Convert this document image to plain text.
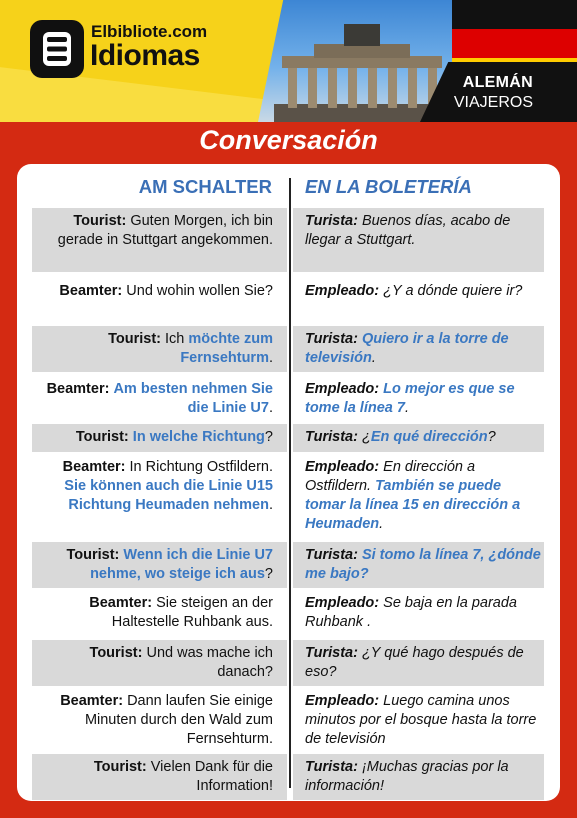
ALEMÁN
VIAJEROS
Elbibliote.com
Idiomas
Conversación
AM SCHALTER EN LA BOLETERÍA
Tourist: Guten Morgen, ich bin gerade in Stuttgart angekommen.
Turista: Buenos días, acabo de llegar a Stuttgart.
Beamter: Und wohin wollen Sie? Empleado: ¿Y a dónde quiere ir?
Tourist: Ich möchte zum Fernsehturm.
Turista: Quiero ir a la torre de televisión.
Beamter: Am besten nehmen Sie die Linie U7.
Empleado: Lo mejor es que se tome la línea 7.
Tourist: In welche Richtung? Turista: ¿En qué dirección?
Beamter: In Richtung Ostfildern. Sie können auch die Linie U15 Richtung Heumaden nehmen.
Empleado: En dirección a Ostfildern. También se puede tomar la línea 15 en dirección a Heumaden.
Tourist: Wenn ich die Linie U7 nehme, wo steige ich aus?
Turista: Si tomo la línea 7, ¿dónde me bajo?
Beamter: Sie steigen an der Haltestelle Ruhbank aus.
Empleado: Se baja en la parada Ruhbank .
Tourist: Und was mache ich danach?
Turista: ¿Y qué hago después de eso?
Beamter: Dann laufen Sie einige Minuten durch den Wald zum Fernsehturm.
Empleado: Luego camina unos minutos por el bosque hasta la torre de televisión
Tourist: Vielen Dank für die Information!
Turista: ¡Muchas gracias por la información!
